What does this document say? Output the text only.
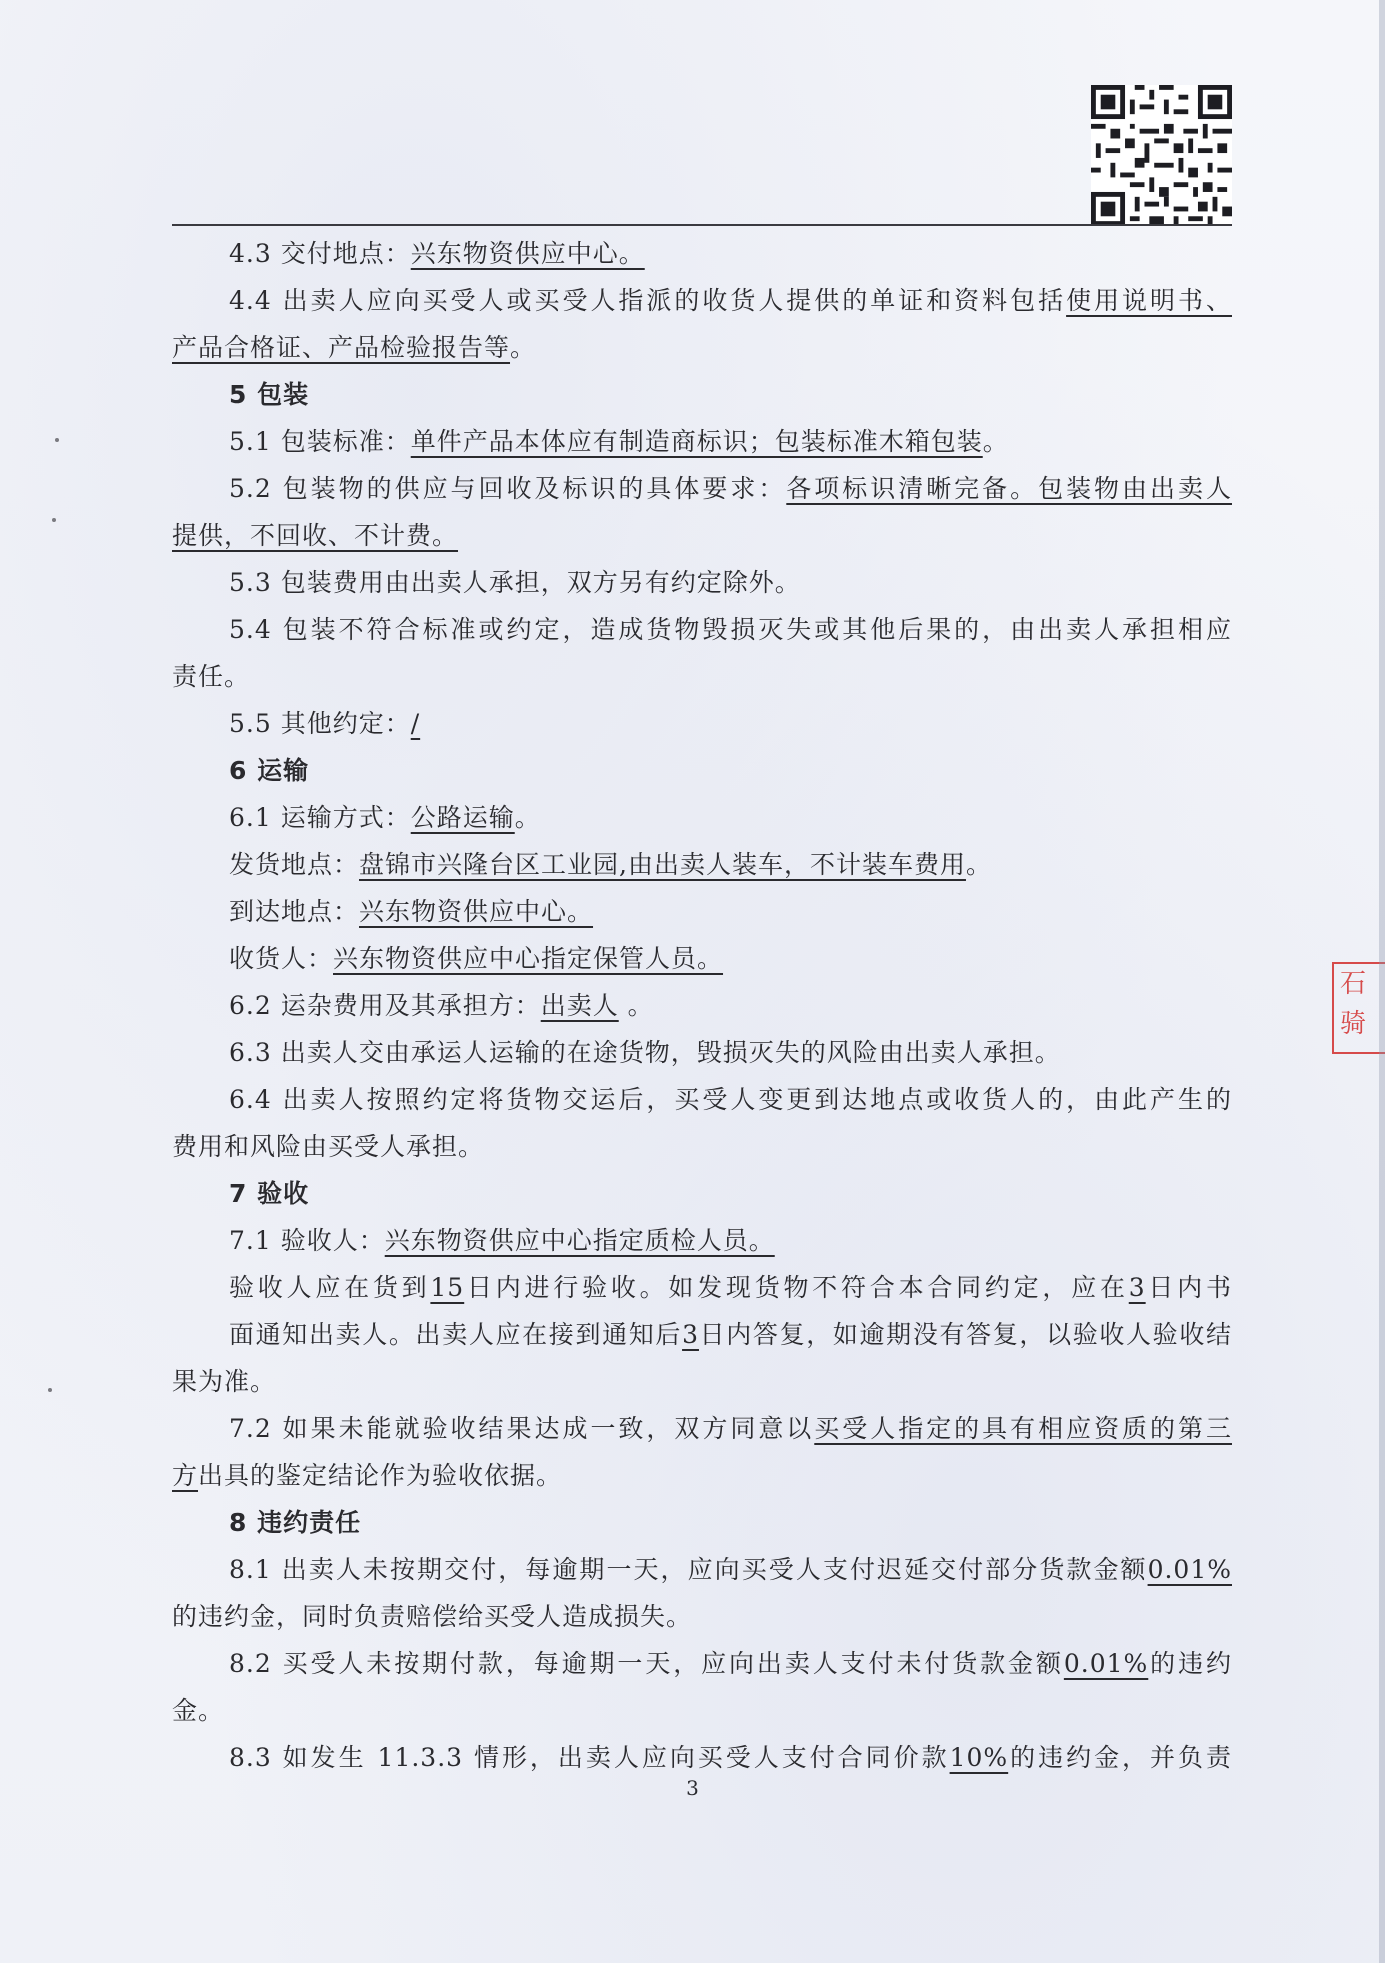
4.3 交付地点：兴东物资供应中心。
4.4 出卖人应向买受人或买受人指派的收货人提供的单证和资料包括使用说明书、
产品合格证、产品检验报告等。
5 包装
5.1 包装标准：单件产品本体应有制造商标识；包装标准木箱包装。
5.2 包装物的供应与回收及标识的具体要求：各项标识清晰完备。包装物由出卖人
提供，不回收、不计费。
5.3 包装费用由出卖人承担，双方另有约定除外。
5.4 包装不符合标准或约定，造成货物毁损灭失或其他后果的，由出卖人承担相应
责任。
5.5 其他约定：/
6 运输
6.1 运输方式：公路运输。
发货地点：盘锦市兴隆台区工业园,由出卖人装车，不计装车费用。
到达地点：兴东物资供应中心。
收货人：兴东物资供应中心指定保管人员。
6.2 运杂费用及其承担方：出卖人 。
6.3 出卖人交由承运人运输的在途货物，毁损灭失的风险由出卖人承担。
6.4 出卖人按照约定将货物交运后，买受人变更到达地点或收货人的，由此产生的
费用和风险由买受人承担。
7 验收
7.1 验收人：兴东物资供应中心指定质检人员。
验收人应在货到15日内进行验收。如发现货物不符合本合同约定，应在3日内书
面通知出卖人。出卖人应在接到通知后3日内答复，如逾期没有答复，以验收人验收结
果为准。
7.2 如果未能就验收结果达成一致，双方同意以买受人指定的具有相应资质的第三
方出具的鉴定结论作为验收依据。
8 违约责任
8.1 出卖人未按期交付，每逾期一天，应向买受人支付迟延交付部分货款金额0.01%
的违约金，同时负责赔偿给买受人造成损失。
8.2 买受人未按期付款，每逾期一天，应向出卖人支付未付货款金额0.01%的违约
金。
8.3 如发生 11.3.3 情形，出卖人应向买受人支付合同价款10%的违约金，并负责
3
石 骑
